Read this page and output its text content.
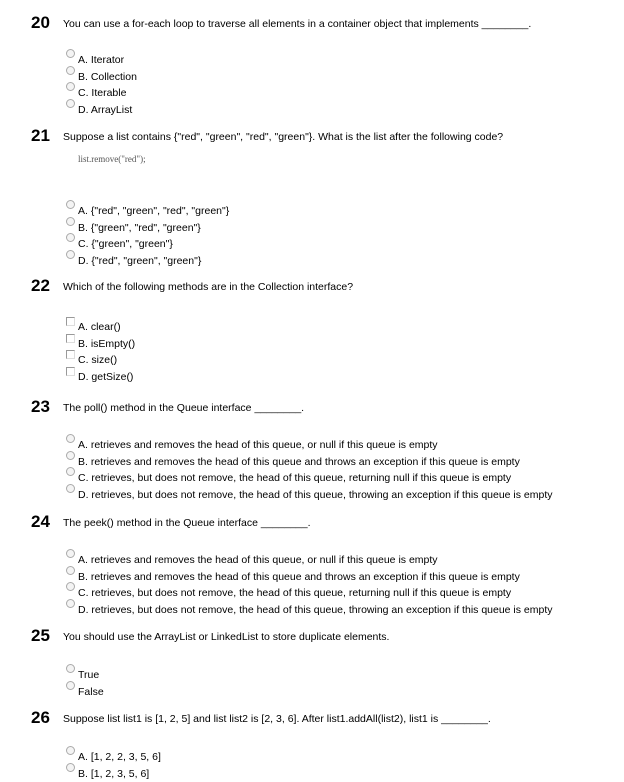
20 You can use a for-each loop to traverse all elements in a container object that implements ________.
A. Iterator
B. Collection
C. Iterable
D. ArrayList
21 Suppose a list contains {"red", "green", "red", "green"}. What is the list after the following code?
list.remove("red");
A. {"red", "green", "red", "green"}
B. {"green", "red", "green"}
C. {"green", "green"}
D. {"red", "green", "green"}
22 Which of the following methods are in the Collection interface?
A. clear()
B. isEmpty()
C. size()
D. getSize()
23 The poll() method in the Queue interface ________.
A. retrieves and removes the head of this queue, or null if this queue is empty
B. retrieves and removes the head of this queue and throws an exception if this queue is empty
C. retrieves, but does not remove, the head of this queue, returning null if this queue is empty
D. retrieves, but does not remove, the head of this queue, throwing an exception if this queue is empty
24 The peek() method in the Queue interface ________.
A. retrieves and removes the head of this queue, or null if this queue is empty
B. retrieves and removes the head of this queue and throws an exception if this queue is empty
C. retrieves, but does not remove, the head of this queue, returning null if this queue is empty
D. retrieves, but does not remove, the head of this queue, throwing an exception if this queue is empty
25 You should use the ArrayList or LinkedList to store duplicate elements.
True
False
26 Suppose list list1 is [1, 2, 5] and list list2 is [2, 3, 6]. After list1.addAll(list2), list1 is ________.
A. [1, 2, 2, 3, 5, 6]
B. [1, 2, 3, 5, 6]
